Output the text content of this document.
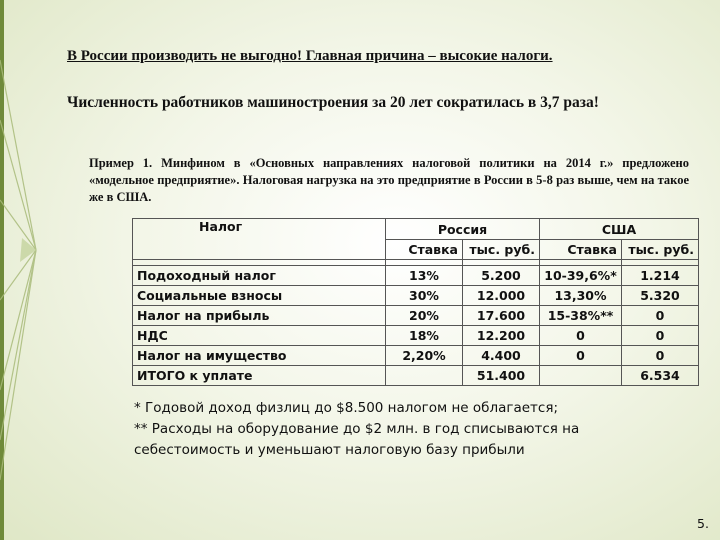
В России производить не выгодно! Главная причина – высокие налоги.
Численность работников машиностроения за 20 лет сократилась в 3,7 раза!

Пример 1. Минфином в «Основных направлениях налоговой политики на 2014 г.» предложено «модельное предприятие». Налоговая нагрузка на это предприятие в России в 5-8 раз выше, чем на такое же в США.

Налог	Россия		США	
	Ставка	тыс. руб.	Ставка	тыс. руб.

Подоходный налог	13%	5.200	10-39,6%*	1.214
Социальные взносы	30%	12.000	13,30%	5.320
Налог на прибыль	20%	17.600	15-38%**	0
НДС	18%	12.200	0	0
Налог на имущество	2,20%	4.400	0	0
ИТОГО к уплате		51.400		6.534

* Годовой доход физлиц до $8.500 налогом не облагается;

** Расходы на оборудование до $2 млн. в год списываются на себестоимость и уменьшают налоговую базу прибыли

5.
